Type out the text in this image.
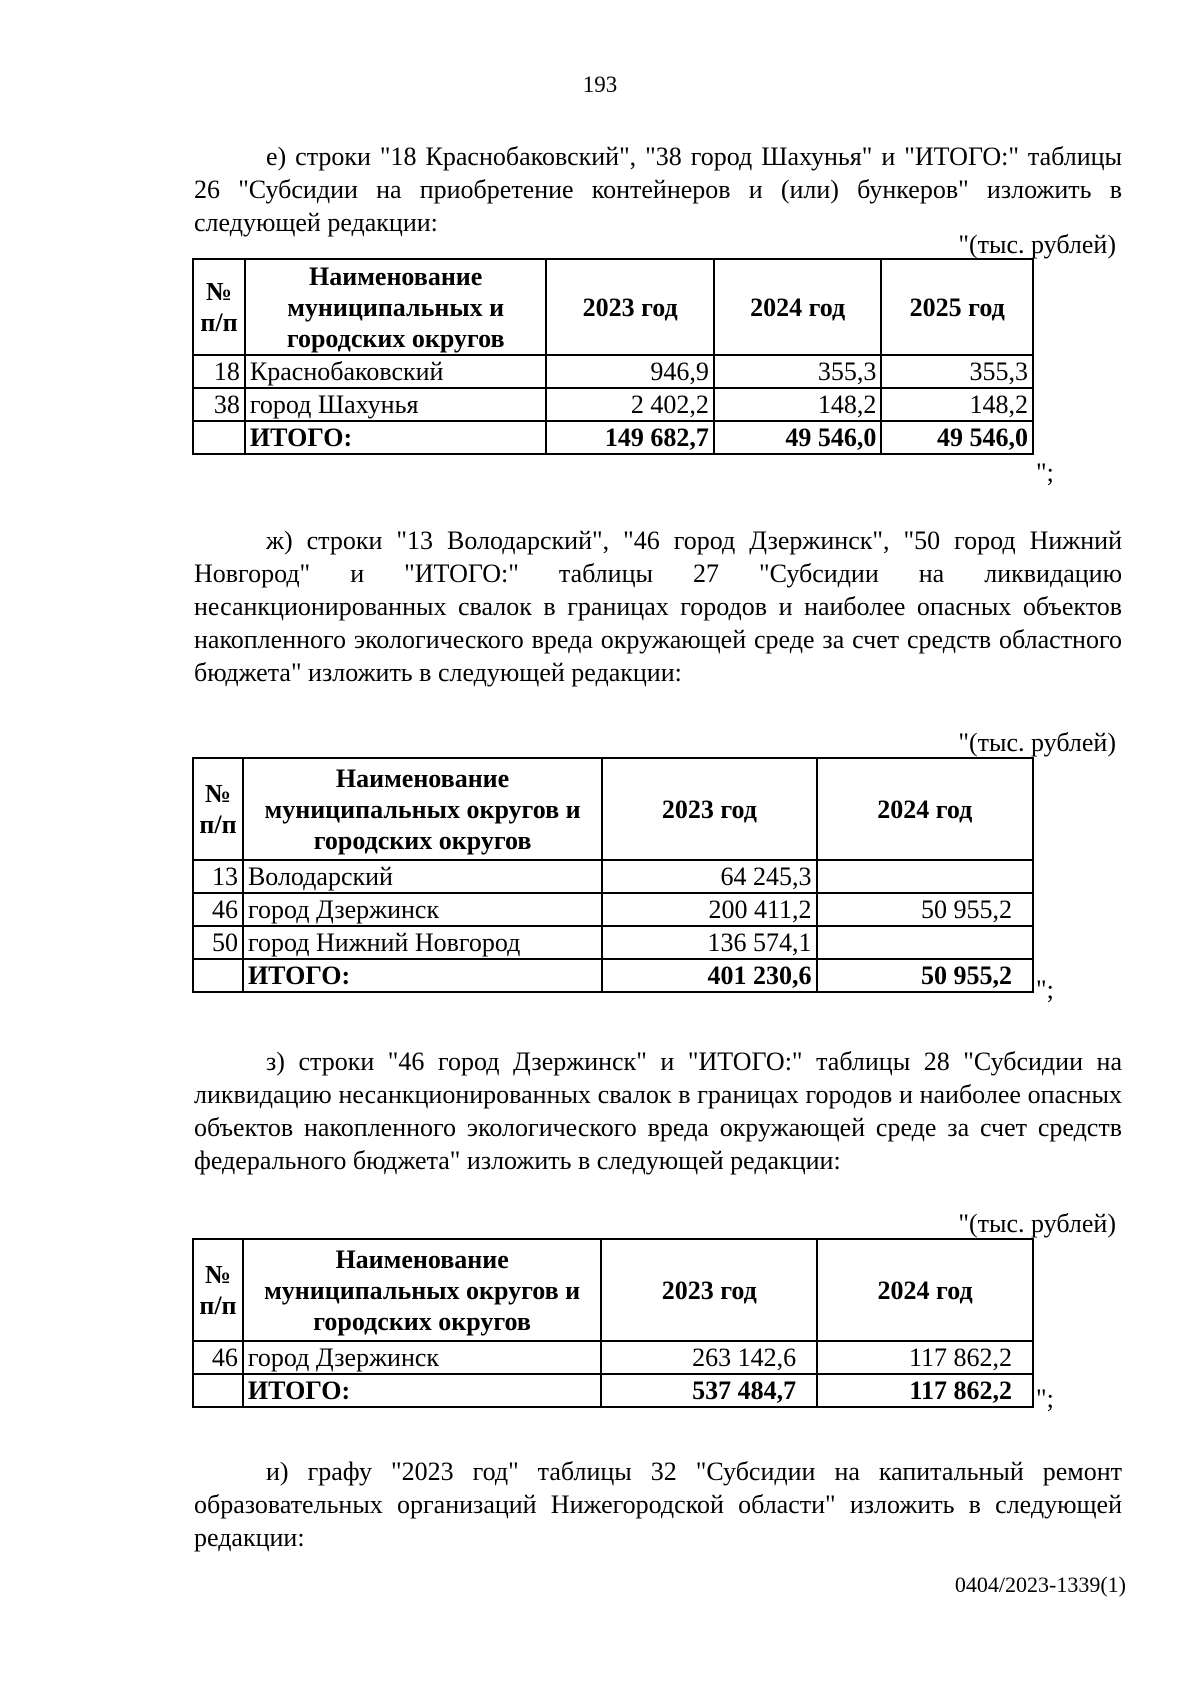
193
е) строки "18 Краснобаковский", "38 город Шахунья" и "ИТОГО:" таблицы 26 "Субсидии на приобретение контейнеров и (или) бункеров" изложить в следующей редакции:
"(тыс. рублей)
№ п/п	Наименование муниципальных и городских округов	2023 год	2024 год	2025 год
18	Краснобаковский	946,9	355,3	355,3
38	город Шахунья	2 402,2	148,2	148,2
	ИТОГО:	149 682,7	49 546,0	49 546,0
";
ж) строки "13 Володарский", "46 город Дзержинск", "50 город Нижний Новгород" и "ИТОГО:" таблицы 27 "Субсидии на ликвидацию несанкционированных свалок в границах городов и наиболее опасных объектов накопленного экологического вреда окружающей среде за счет средств областного бюджета" изложить в следующей редакции:
"(тыс. рублей)
№ п/п	Наименование муниципальных округов и городских округов	2023 год	2024 год
13	Володарский	64 245,3	
46	город Дзержинск	200 411,2	50 955,2
50	город Нижний Новгород	136 574,1	
	ИТОГО:	401 230,6	50 955,2 ";
з) строки "46 город Дзержинск" и "ИТОГО:" таблицы 28 "Субсидии на ликвидацию несанкционированных свалок в границах городов и наиболее опасных объектов накопленного экологического вреда окружающей среде за счет средств федерального бюджета" изложить в следующей редакции:
"(тыс. рублей)
№ п/п	Наименование муниципальных округов и городских округов	2023 год	2024 год
46	город Дзержинск	263 142,6	117 862,2
	ИТОГО:	537 484,7	117 862,2 ";
и) графу "2023 год" таблицы 32 "Субсидии на капитальный ремонт образовательных организаций Нижегородской области" изложить в следующей редакции:
0404/2023-1339(1)
